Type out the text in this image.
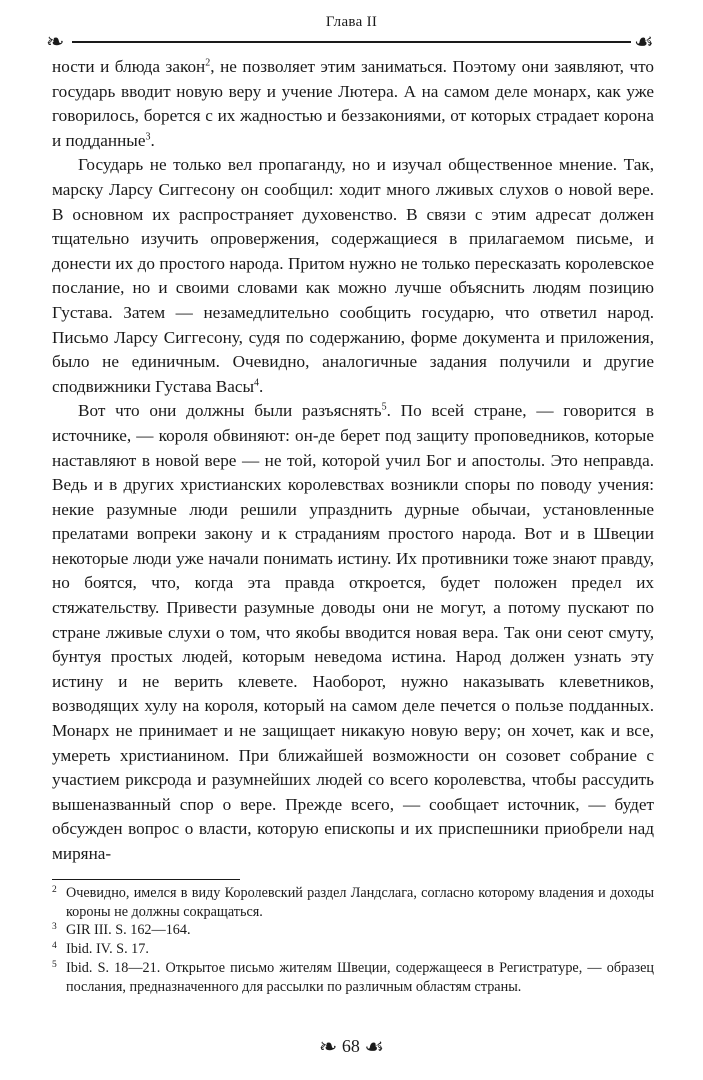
Глава II
❧	☙

ности и блюда закон$^2$, не позволяет этим заниматься. Поэтому они заявляют, что государь вводит новую веру и учение Лютера. А на самом деле монарх, как уже говорилось, борется с их жадностью и беззакониями, от которых страдает корона и подданные$^3$.

Государь не только вел пропаганду, но и изучал общественное мнение. Так, марску Ларсу Сиггесону он сообщил: ходит много лживых слухов о новой вере. В основном их распространяет духовенство. В связи с этим адресат должен тщательно изучить опровержения, содержащиеся в прилагаемом письме, и донести их до простого народа. Притом нужно не только пересказать королевское послание, но и своими словами как можно лучше объяснить людям позицию Густава. Затем — незамедлительно сообщить государю, что ответил народ. Письмо Ларсу Сиггесону, судя по содержанию, форме документа и приложения, было не единичным. Очевидно, аналогичные задания получили и другие сподвижники Густава Васы$^4$.

Вот что они должны были разъяснять$^5$. По всей стране, — говорится в источнике, — короля обвиняют: он-де берет под защиту проповедников, которые наставляют в новой вере — не той, которой учил Бог и апостолы. Это неправда. Ведь и в других христианских королевствах возникли споры по поводу учения: некие разумные люди решили упразднить дурные обычаи, установленные прелатами вопреки закону и к страданиям простого народа. Вот и в Швеции некоторые люди уже начали понимать истину. Их противники тоже знают правду, но боятся, что, когда эта правда откроется, будет положен предел их стяжательству. Привести разумные доводы они не могут, а потому пускают по стране лживые слухи о том, что якобы вводится новая вера. Так они сеют смуту, бунтуя простых людей, которым неведома истина. Народ должен узнать эту истину и не верить клевете. Наоборот, нужно наказывать клеветников, возводящих хулу на короля, который на самом деле печется о пользе подданных. Монарх не принимает и не защищает никакую новую веру; он хочет, как и все, умереть христианином. При ближайшей возможности он созовет собрание с участием риксрода и разумнейших людей со всего королевства, чтобы рассудить вышеназванный спор о вере. Прежде всего, — сообщает источник, — будет обсужден вопрос о власти, которую епископы и их приспешники приобрели над миряна-

2 Очевидно, имелся в виду Королевский раздел Ландслага, согласно которому владения и доходы короны не должны сокращаться.
3 GIR III. S. 162—164.
4 Ibid. IV. S. 17.
5 Ibid. S. 18—21. Открытое письмо жителям Швеции, содержащееся в Регистратуре, — образец послания, предназначенного для рассылки по различным областям страны.
❧ 68 ☙
